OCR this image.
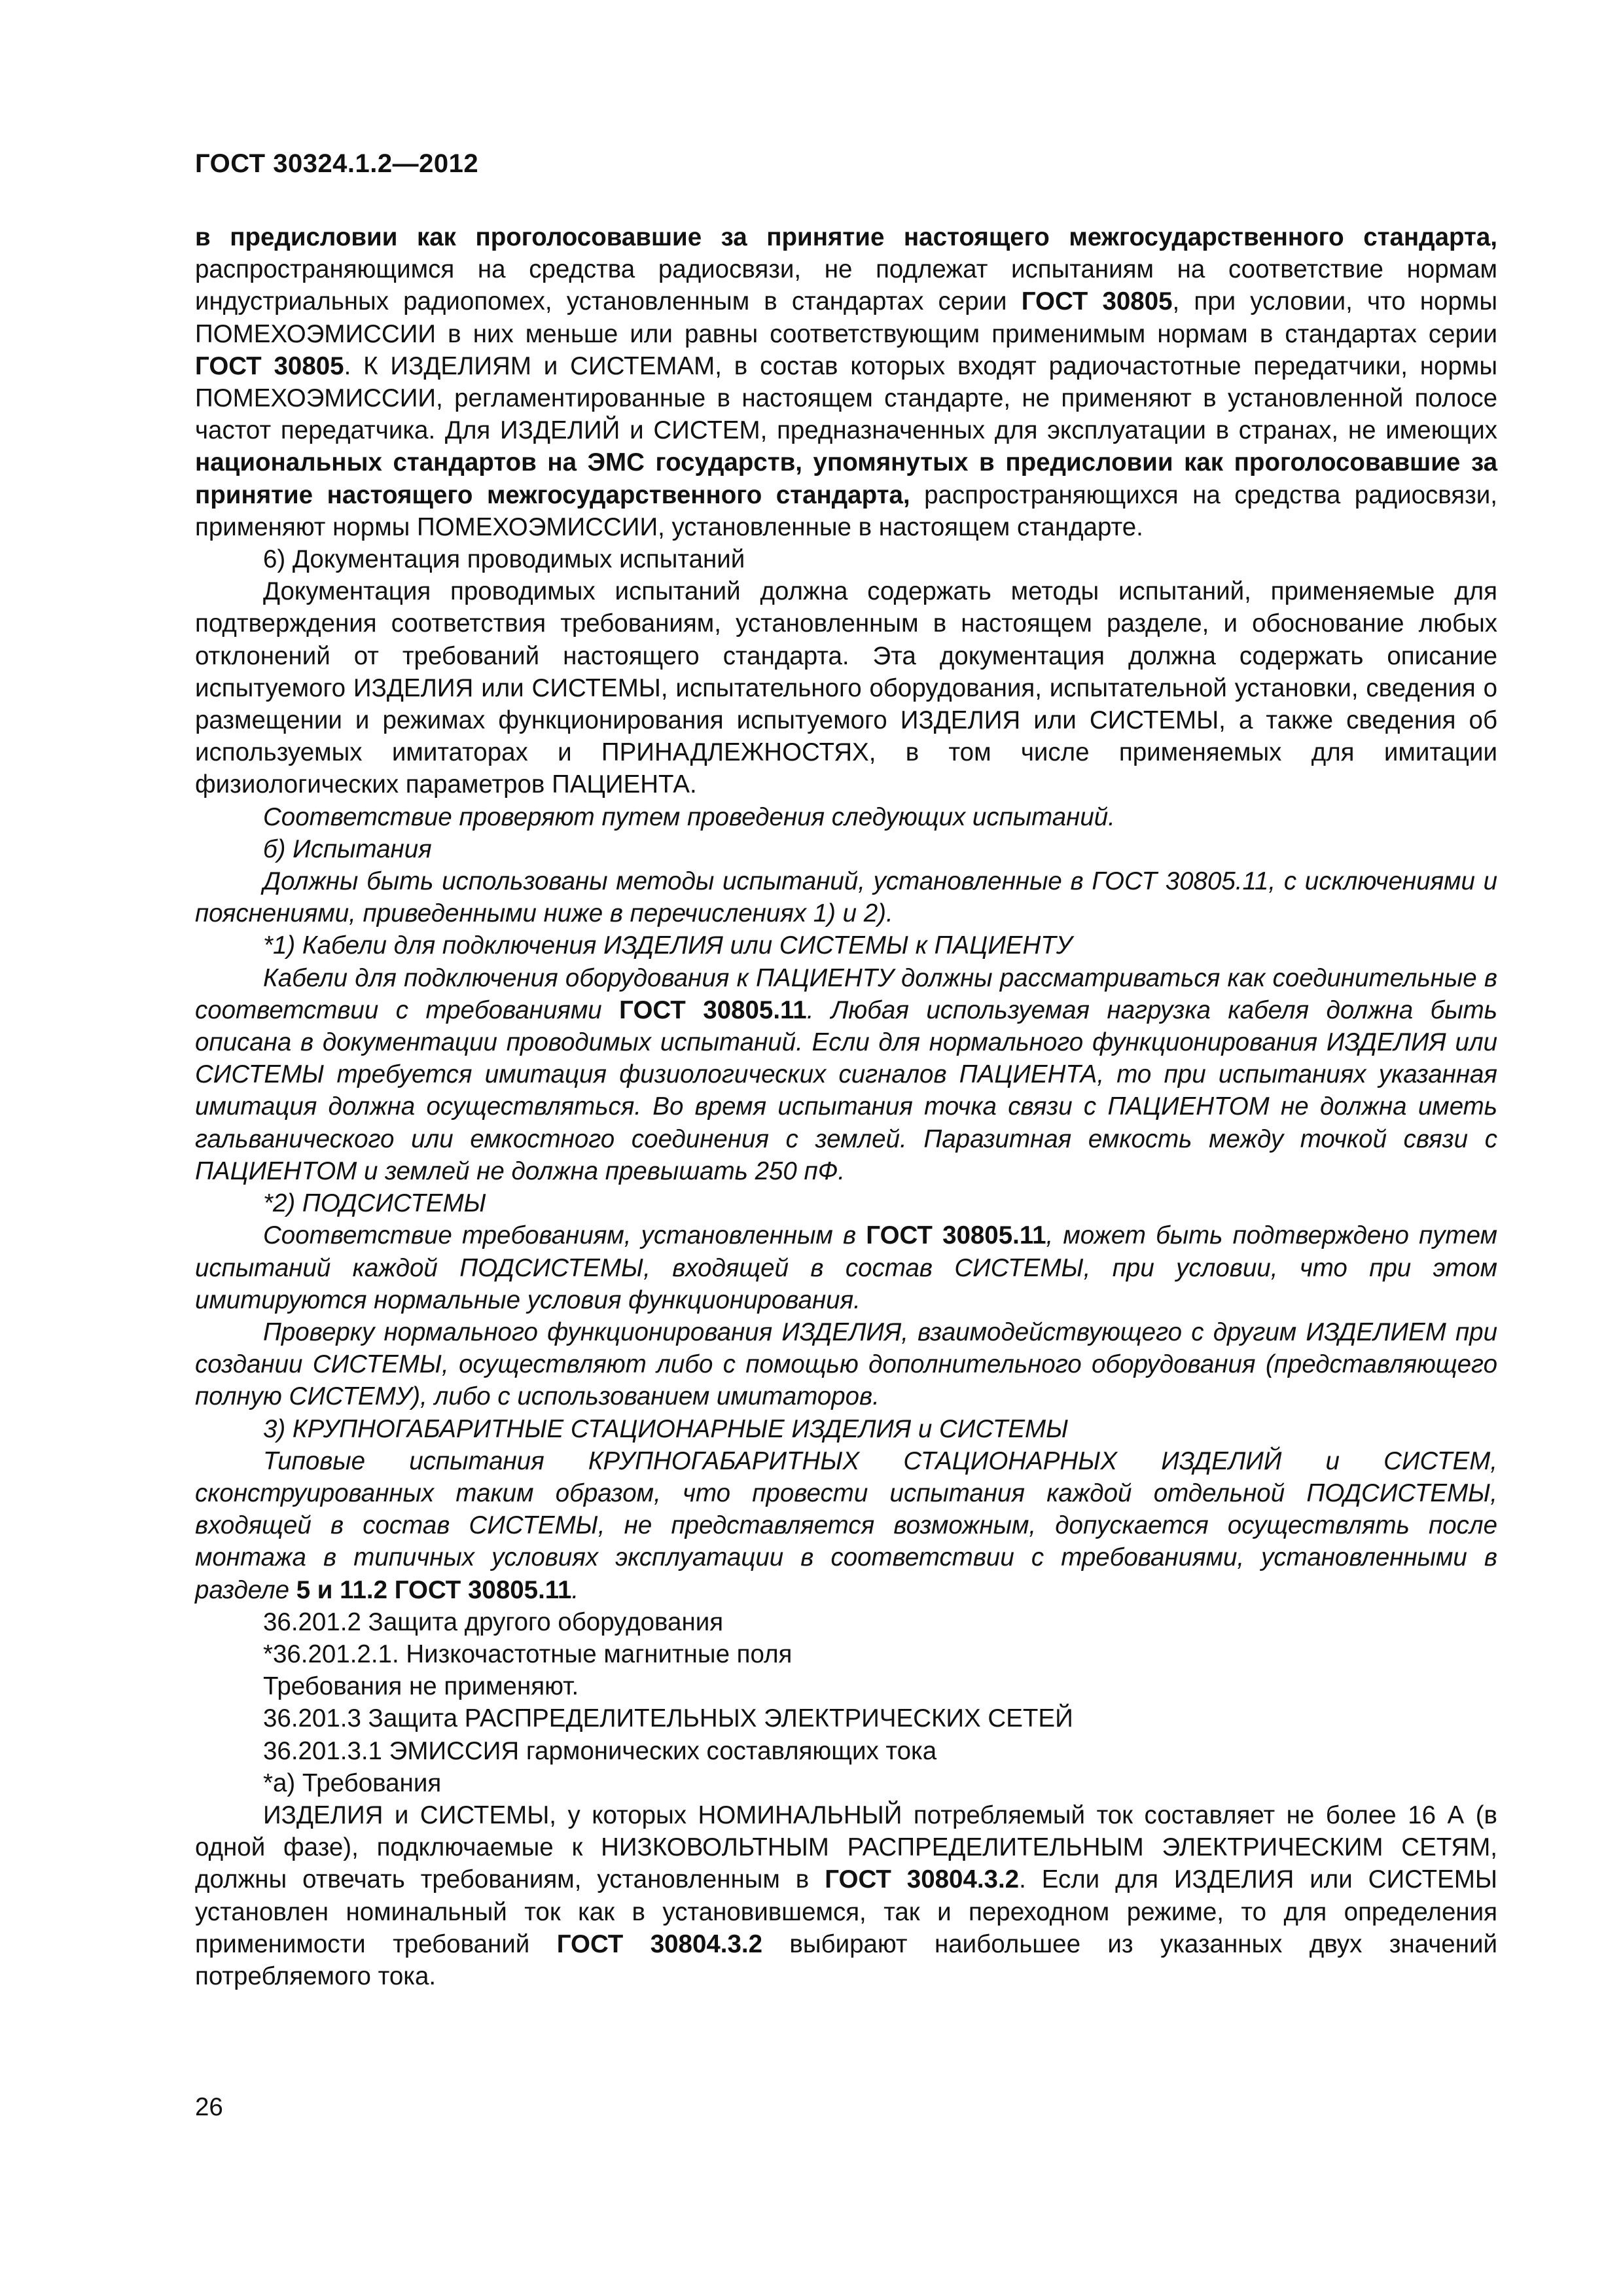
ГОСТ 30324.1.2—2012

в предисловии как проголосовавшие за принятие настоящего межгосударственного стандарта, распространяющимся на средства радиосвязи, не подлежат испытаниям на соответствие нормам индустриальных радиопомех, установленным в стандартах серии ГОСТ 30805, при условии, что нормы ПОМЕХОЭМИССИИ в них меньше или равны соответствующим применимым нормам в стандартах серии ГОСТ 30805. К ИЗДЕЛИЯМ и СИСТЕМАМ, в состав которых входят радиочастотные передатчики, нормы ПОМЕХОЭМИССИИ, регламентированные в настоящем стандарте, не применяют в установленной полосе частот передатчика. Для ИЗДЕЛИЙ и СИСТЕМ, предназначенных для эксплуатации в странах, не имеющих национальных стандартов на ЭМС государств, упомянутых в предисловии как проголосовавшие за принятие настоящего межгосударственного стандарта, распространяющихся на средства радиосвязи, применяют нормы ПОМЕХОЭМИССИИ, установленные в настоящем стандарте.

6) Документация проводимых испытаний

Документация проводимых испытаний должна содержать методы испытаний, применяемые для подтверждения соответствия требованиям, установленным в настоящем разделе, и обоснование любых отклонений от требований настоящего стандарта. Эта документация должна содержать описание испытуемого ИЗДЕЛИЯ или СИСТЕМЫ, испытательного оборудования, испытательной установки, сведения о размещении и режимах функционирования испытуемого ИЗДЕЛИЯ или СИСТЕМЫ, а также сведения об используемых имитаторах и ПРИНАДЛЕЖНОСТЯХ, в том числе применяемых для имитации физиологических параметров ПАЦИЕНТА.

Соответствие проверяют путем проведения следующих испытаний.

б) Испытания

Должны быть использованы методы испытаний, установленные в ГОСТ 30805.11, с исключениями и пояснениями, приведенными ниже в перечислениях 1) и 2).

*1) Кабели для подключения ИЗДЕЛИЯ или СИСТЕМЫ к ПАЦИЕНТУ

Кабели для подключения оборудования к ПАЦИЕНТУ должны рассматриваться как соединительные в соответствии с требованиями ГОСТ 30805.11. Любая используемая нагрузка кабеля должна быть описана в документации проводимых испытаний. Если для нормального функционирования ИЗДЕЛИЯ или СИСТЕМЫ требуется имитация физиологических сигналов ПАЦИЕНТА, то при испытаниях указанная имитация должна осуществляться. Во время испытания точка связи с ПАЦИЕНТОМ не должна иметь гальванического или емкостного соединения с землей. Паразитная емкость между точкой связи с ПАЦИЕНТОМ и землей не должна превышать 250 пФ.

*2) ПОДСИСТЕМЫ

Соответствие требованиям, установленным в ГОСТ 30805.11, может быть подтверждено путем испытаний каждой ПОДСИСТЕМЫ, входящей в состав СИСТЕМЫ, при условии, что при этом имитируются нормальные условия функционирования.

Проверку нормального функционирования ИЗДЕЛИЯ, взаимодействующего с другим ИЗДЕЛИЕМ при создании СИСТЕМЫ, осуществляют либо с помощью дополнительного оборудования (представляющего полную СИСТЕМУ), либо с использованием имитаторов.

3) КРУПНОГАБАРИТНЫЕ СТАЦИОНАРНЫЕ ИЗДЕЛИЯ и СИСТЕМЫ

Типовые испытания КРУПНОГАБАРИТНЫХ СТАЦИОНАРНЫХ ИЗДЕЛИЙ и СИСТЕМ, сконструированных таким образом, что провести испытания каждой отдельной ПОДСИСТЕМЫ, входящей в состав СИСТЕМЫ, не представляется возможным, допускается осуществлять после монтажа в типичных условиях эксплуатации в соответствии с требованиями, установленными в разделе 5 и 11.2 ГОСТ 30805.11.

36.201.2 Защита другого оборудования

*36.201.2.1. Низкочастотные магнитные поля

Требования не применяют.

36.201.3 Защита РАСПРЕДЕЛИТЕЛЬНЫХ ЭЛЕКТРИЧЕСКИХ СЕТЕЙ

36.201.3.1 ЭМИССИЯ гармонических составляющих тока

*а) Требования

ИЗДЕЛИЯ и СИСТЕМЫ, у которых НОМИНАЛЬНЫЙ потребляемый ток составляет не более 16 А (в одной фазе), подключаемые к НИЗКОВОЛЬТНЫМ РАСПРЕДЕЛИТЕЛЬНЫМ ЭЛЕКТРИЧЕСКИМ СЕТЯМ, должны отвечать требованиям, установленным в ГОСТ 30804.3.2. Если для ИЗДЕЛИЯ или СИСТЕМЫ установлен номинальный ток как в установившемся, так и переходном режиме, то для определения применимости требований ГОСТ 30804.3.2 выбирают наибольшее из указанных двух значений потребляемого тока.

26
